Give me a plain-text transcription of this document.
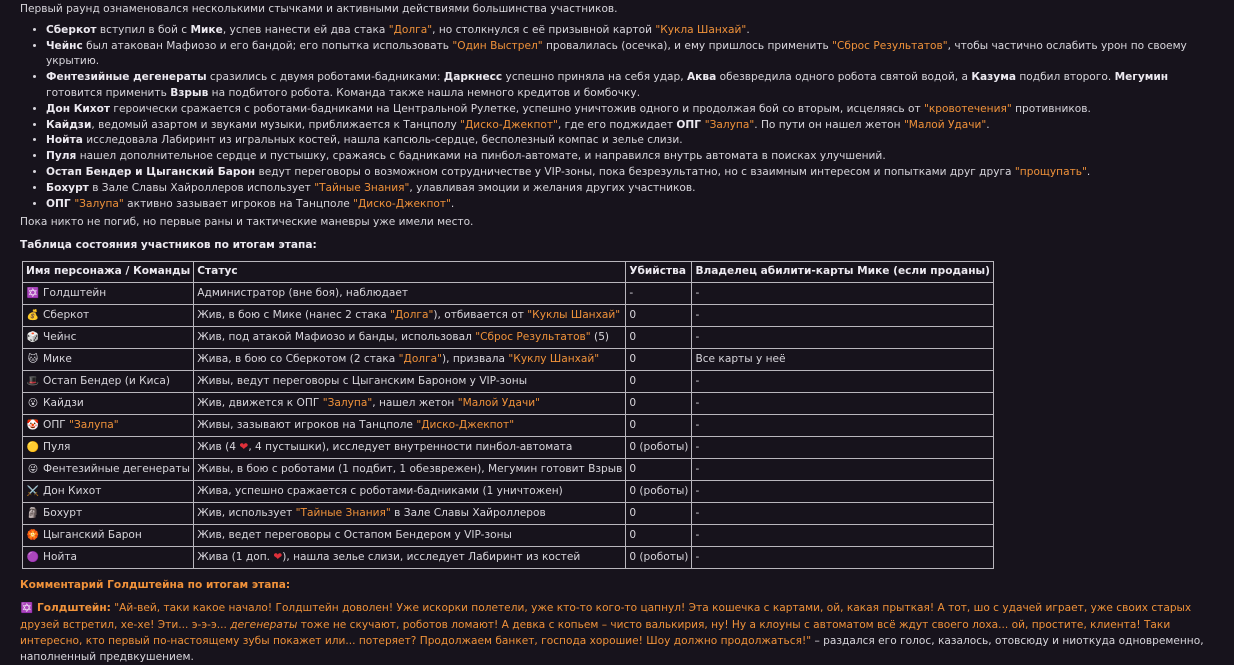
Первый раунд ознаменовался несколькими стычками и активными действиями большинства участников.

• Сберкот вступил в бой с Мике, успев нанести ей два стака "Долга", но столкнулся с её призывной картой "Кукла Шанхай".
• Чейнс был атакован Мафиозо и его бандой; его попытка использовать "Один Выстрел" провалилась (осечка), и ему пришлось применить "Сброс Результатов", чтобы частично ослабить урон по своему укрытию.
• Фентезийные дегенераты сразились с двумя роботами-бадниками: Даркнесс успешно приняла на себя удар, Аква обезвредила одного робота святой водой, а Казума подбил второго. Мегумин готовится применить Взрыв на подбитого робота. Команда также нашла немного кредитов и бомбочку.
• Дон Кихот героически сражается с роботами-бадниками на Центральной Рулетке, успешно уничтожив одного и продолжая бой со вторым, исцеляясь от "кровотечения" противников.
• Кайдзи, ведомый азартом и звуками музыки, приближается к Танцполу "Диско-Джекпот", где его поджидает ОПГ "Залупа". По пути он нашел жетон "Малой Удачи".
• Нойта исследовала Лабиринт из игральных костей, нашла капсюль-сердце, бесполезный компас и зелье слизи.
• Пуля нашел дополнительное сердце и пустышку, сражаясь с бадниками на пинбол-автомате, и направился внутрь автомата в поисках улучшений.
• Остап Бендер и Цыганский Барон ведут переговоры о возможном сотрудничестве у VIP-зоны, пока безрезультатно, но с взаимным интересом и попытками друг друга "прощупать".
• Бохурт в Зале Славы Хайроллеров использует "Тайные Знания", улавливая эмоции и желания других участников.
• ОПГ "Залупа" активно зазывает игроков на Танцполе "Диско-Джекпот".

Пока никто не погиб, но первые раны и тактические маневры уже имели место.

Таблица состояния участников по итогам этапа:

Имя персонажа / Команды	Статус	Убийства	Владелец абилити-карты Мике (если проданы)
✡️ Голдштейн	Администратор (вне боя), наблюдает	-	-
💰 Сберкот	Жив, в бою с Мике (нанес 2 стака "Долга"), отбивается от "Куклы Шанхай"	0	-
🎲 Чейнс	Жив, под атакой Мафиозо и банды, использовал "Сброс Результатов" (5)	0	-
🐱 Мике	Жива, в бою со Сберкотом (2 стака "Долга"), призвала "Куклу Шанхай"	0	Все карты у неё
🎩 Остап Бендер (и Киса)	Живы, ведут переговоры с Цыганским Бароном у VIP-зоны	0	-
😮 Кайдзи	Жив, движется к ОПГ "Залупа", нашел жетон "Малой Удачи"	0	-
🤡 ОПГ "Залупа"	Живы, зазывают игроков на Танцполе "Диско-Джекпот"	0	-
🟡 Пуля	Жив (4 ❤, 4 пустышки), исследует внутренности пинбол-автомата	0 (роботы)	-
😜 Фентезийные дегенераты	Живы, в бою с роботами (1 подбит, 1 обезврежен), Мегумин готовит Взрыв	0	-
⚔️ Дон Кихот	Жива, успешно сражается с роботами-бадниками (1 уничтожен)	0 (роботы)	-
🗿 Бохурт	Жив, использует "Тайные Знания" в Зале Славы Хайроллеров	0	-
🏵️ Цыганский Барон	Жив, ведет переговоры с Остапом Бендером у VIP-зоны	0	-
🟣 Нойта	Жива (1 доп. ❤), нашла зелье слизи, исследует Лабиринт из костей	0 (роботы)	-

Комментарий Голдштейна по итогам этапа:

✡️ Голдштейн: "Ай-вей, таки какое начало! Голдштейн доволен! Уже искорки полетели, уже кто-то кого-то цапнул! Эта кошечка с картами, ой, какая прыткая! А тот, шо с удачей играет, уже своих старых друзей встретил, хе-хе! Эти... э-э-э... дегенераты тоже не скучают, роботов ломают! А девка с копьем – чисто валькирия, ну! Ну а клоуны с автоматом всё ждут своего лоха... ой, простите, клиента! Таки интересно, кто первый по-настоящему зубы покажет или... потеряет? Продолжаем банкет, господа хорошие! Шоу должно продолжаться!" – раздался его голос, казалось, отовсюду и ниоткуда одновременно, наполненный предвкушением.
